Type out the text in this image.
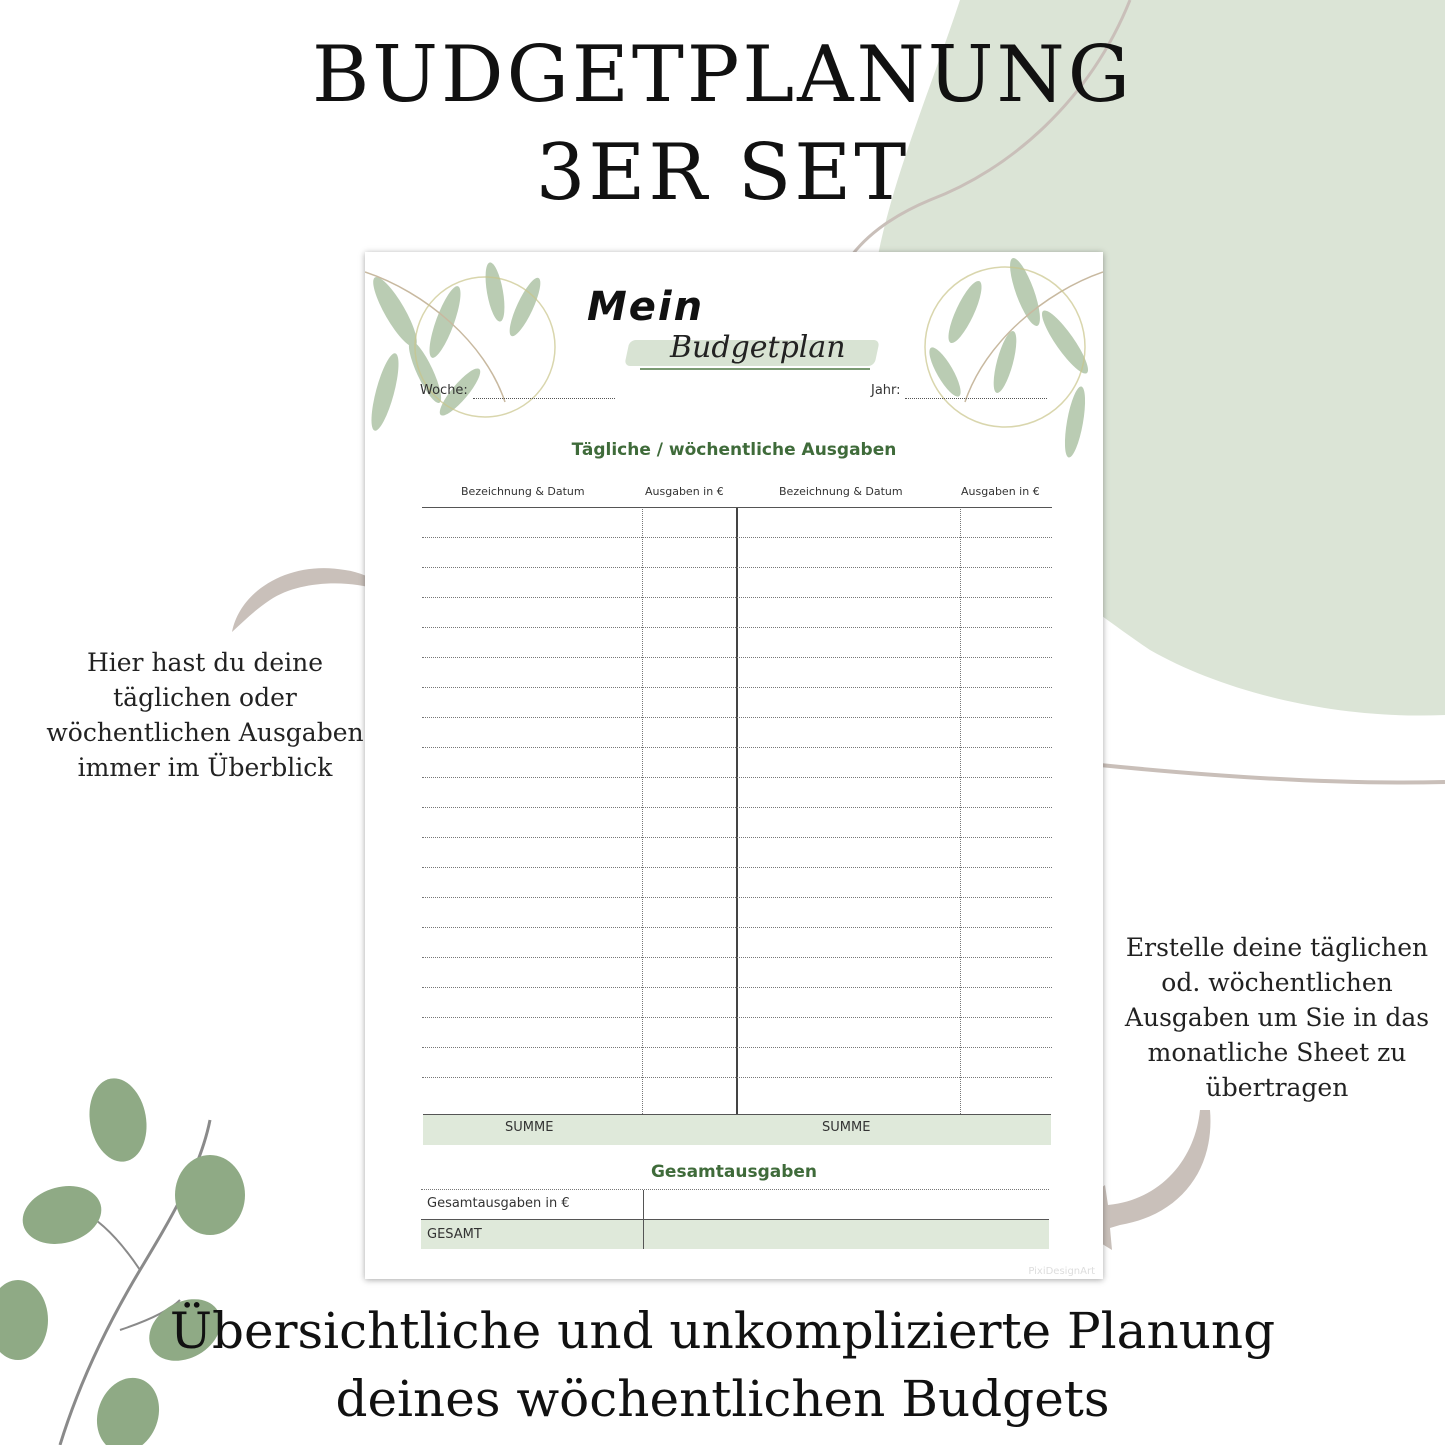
BUDGETPLANUNG
3ER SET
Mein
Budgetplan
Woche:	Jahr:
Tägliche / wöchentliche Ausgaben
Bezeichnung & Datum	Ausgaben in €	Bezeichnung & Datum	Ausgaben in €
SUMME	SUMME
Gesamtausgaben
Gesamtausgaben in €
GESAMT
PixiDesignArt
Hier hast du deine
täglichen oder
wöchentlichen Ausgaben
immer im Überblick
Erstelle deine täglichen
od. wöchentlichen
Ausgaben um Sie in das
monatliche Sheet zu
übertragen
Übersichtliche und unkomplizierte Planung
deines wöchentlichen Budgets
